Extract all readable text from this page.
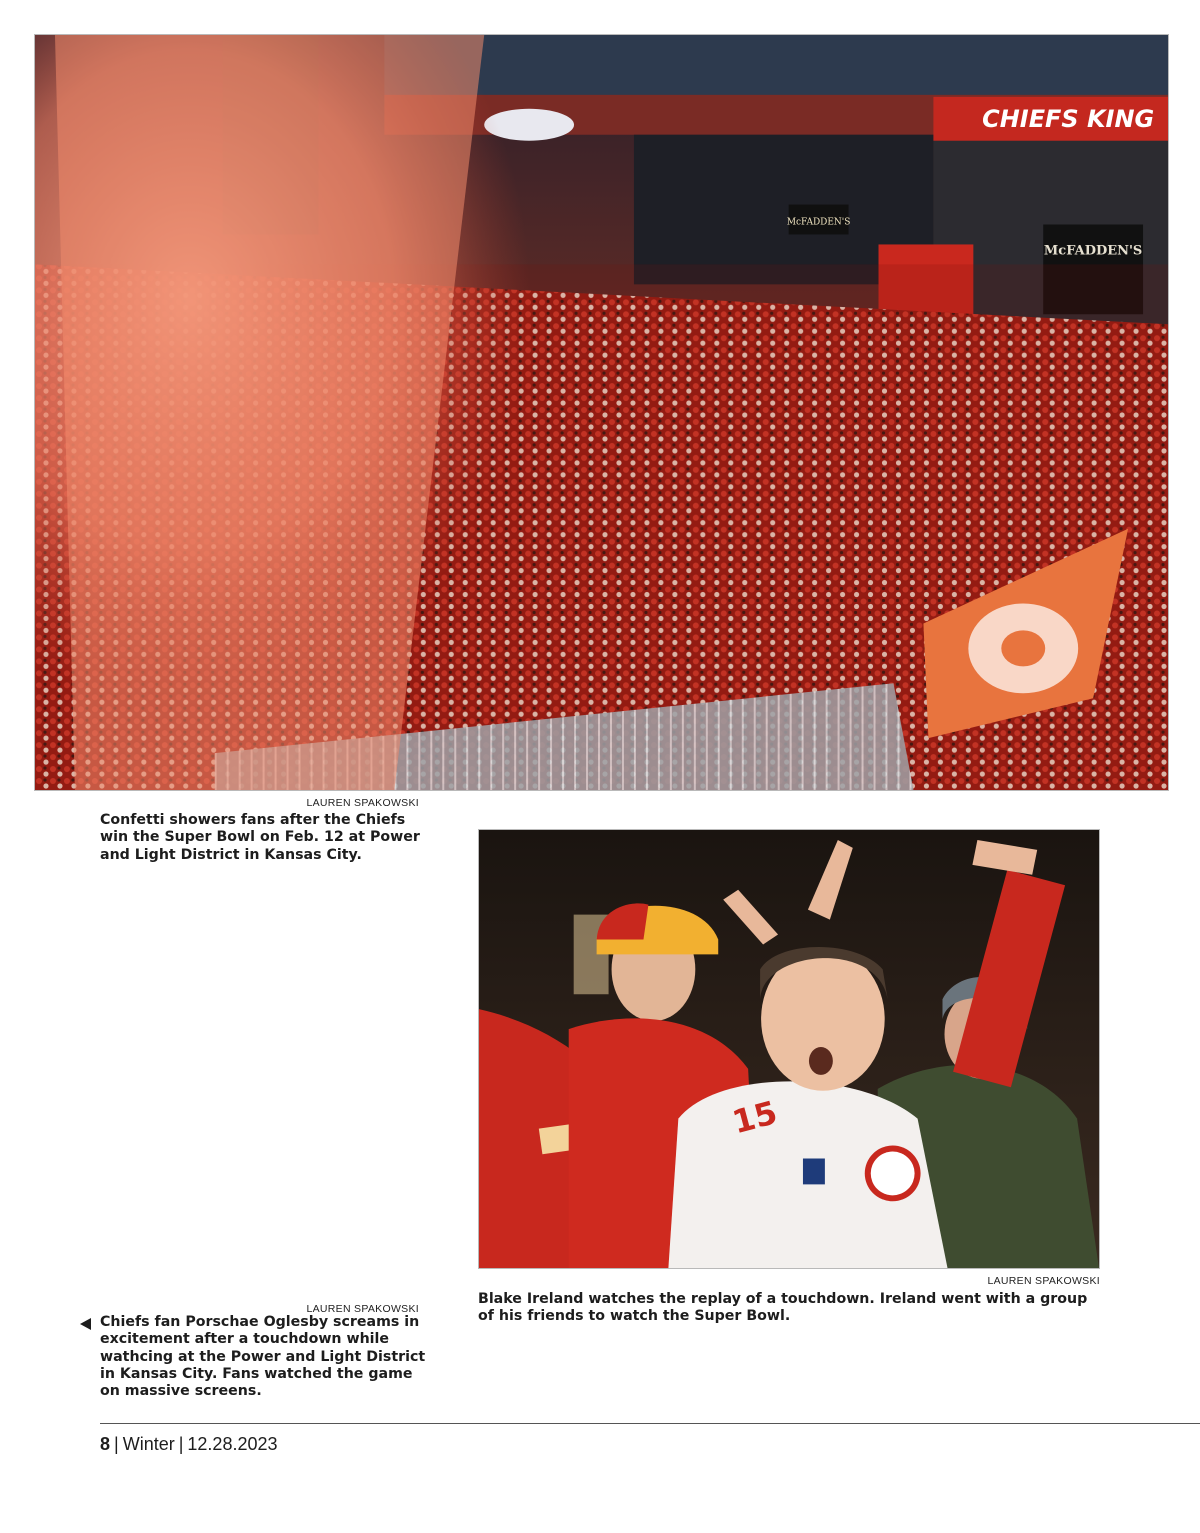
McFADDEN'S
McFADDEN'S
CHIEFS KING
LAUREN SPAKOWSKI
Confetti showers fans after the Chiefs win the Super Bowl on Feb. 12 at Power and Light District in Kansas City.
15
LAUREN SPAKOWSKI
Blake Ireland watches the replay of a touchdown. Ireland went with a group of his friends to watch the Super Bowl.
LAUREN SPAKOWSKI
Chiefs fan Porschae Oglesby screams in excitement after a touchdown while wathcing at the Power and Light District in Kansas City. Fans watched the game on massive screens.
8 | Winter | 12.28.2023
